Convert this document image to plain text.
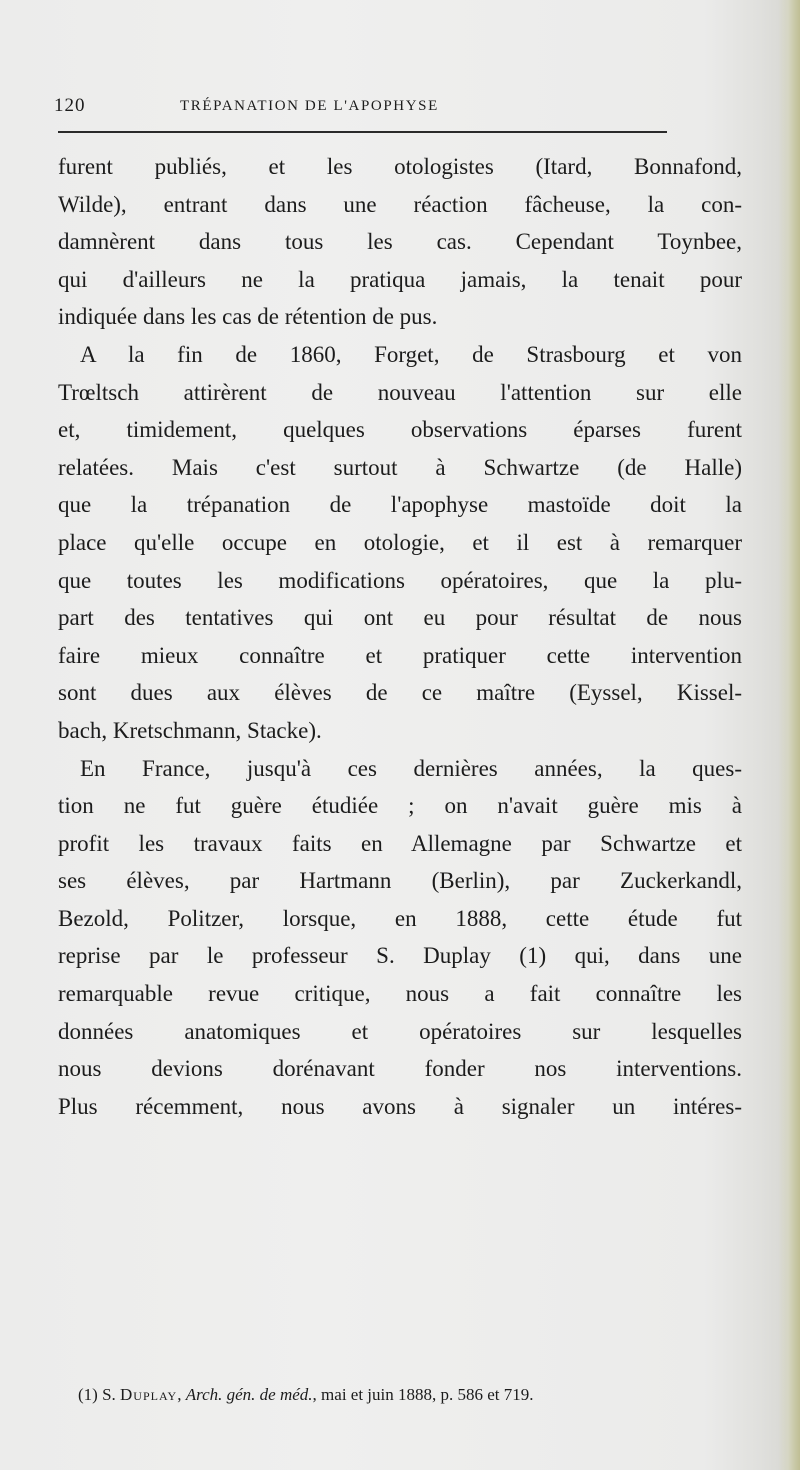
120	TRÉPANATION DE L'APOPHYSE
furent publiés, et les otologistes (Itard, Bonnafond,
Wilde), entrant dans une réaction fâcheuse, la con-
damnèrent dans tous les cas. Cependant Toynbee,
qui d'ailleurs ne la pratiqua jamais, la tenait pour
indiquée dans les cas de rétention de pus.
A la fin de 1860, Forget, de Strasbourg et von
Trœltsch attirèrent de nouveau l'attention sur elle
et, timidement, quelques observations éparses furent
relatées. Mais c'est surtout à Schwartze (de Halle)
que la trépanation de l'apophyse mastoïde doit la
place qu'elle occupe en otologie, et il est à remarquer
que toutes les modifications opératoires, que la plu-
part des tentatives qui ont eu pour résultat de nous
faire mieux connaître et pratiquer cette intervention
sont dues aux élèves de ce maître (Eyssel, Kissel-
bach, Kretschmann, Stacke).
En France, jusqu'à ces dernières années, la ques-
tion ne fut guère étudiée ; on n'avait guère mis à
profit les travaux faits en Allemagne par Schwartze et
ses élèves, par Hartmann (Berlin), par Zuckerkandl,
Bezold, Politzer, lorsque, en 1888, cette étude fut
reprise par le professeur S. Duplay (1) qui, dans une
remarquable revue critique, nous a fait connaître les
données anatomiques et opératoires sur lesquelles
nous devions dorénavant fonder nos interventions.
Plus récemment, nous avons à signaler un intéres-
(1) S. Duplay, Arch. gén. de méd., mai et juin 1888, p. 586 et 719.
